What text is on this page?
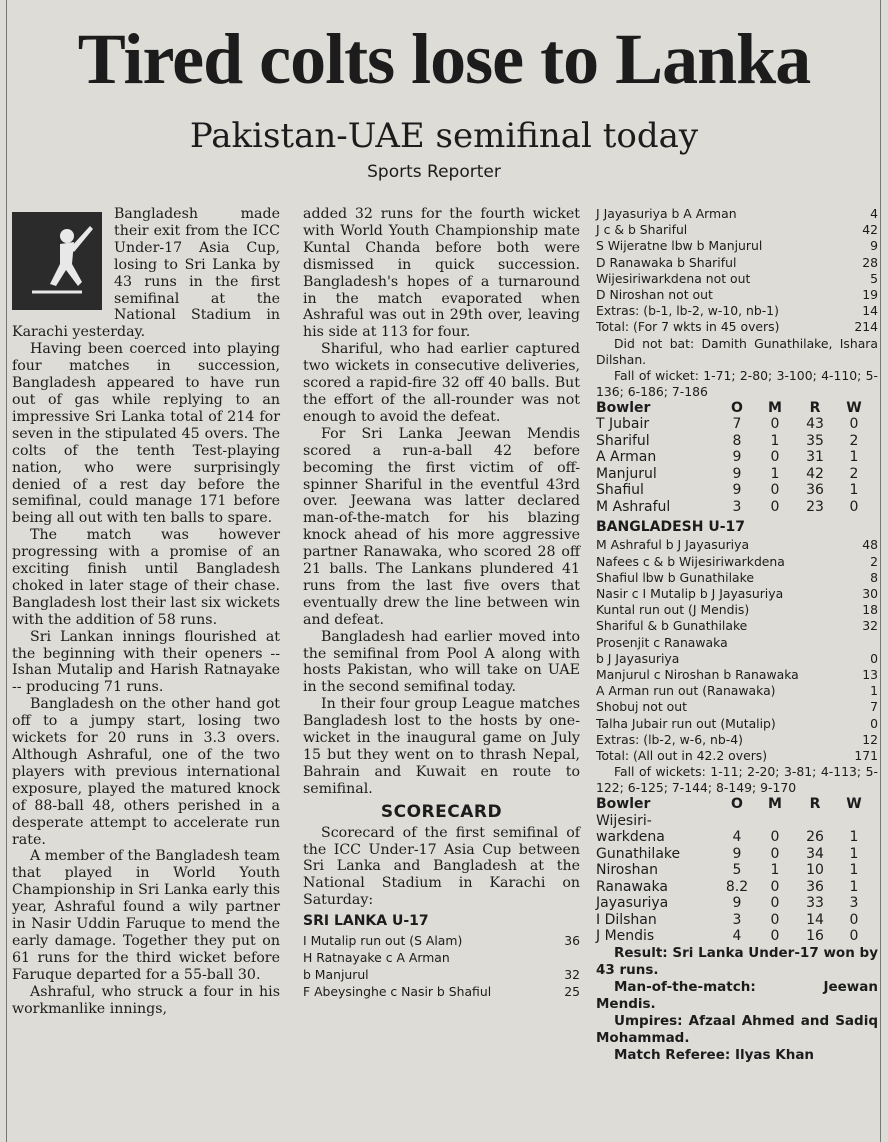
Tired colts lose to Lanka
Pakistan-UAE semifinal today
Sports Reporter

Bangladesh made their exit from the ICC Under-17 Asia Cup, losing to Sri Lanka by 43 runs in the first semifinal at the National Stadium in Karachi yesterday.

Having been coerced into playing four matches in succession, Bangladesh appeared to have run out of gas while replying to an impressive Sri Lanka total of 214 for seven in the stipulated 45 overs. The colts of the tenth Test-playing nation, who were surprisingly denied of a rest day before the semifinal, could manage 171 before being all out with ten balls to spare.

The match was however progressing with a promise of an exciting finish until Bangladesh choked in later stage of their chase. Bangladesh lost their last six wickets with the addition of 58 runs.

Sri Lankan innings flourished at the beginning with their openers -- Ishan Mutalip and Harish Ratnayake -- producing 71 runs.

Bangladesh on the other hand got off to a jumpy start, losing two wickets for 20 runs in 3.3 overs. Although Ashraful, one of the two players with previous international exposure, played the matured knock of 88-ball 48, others perished in a desperate attempt to accelerate run rate.

A member of the Bangladesh team that played in World Youth Championship in Sri Lanka early this year, Ashraful found a wily partner in Nasir Uddin Faruque to mend the early damage. Together they put on 61 runs for the third wicket before Faruque departed for a 55-ball 30.

Ashraful, who struck a four in his workmanlike innings,

added 32 runs for the fourth wicket with World Youth Championship mate Kuntal Chanda before both were dismissed in quick succession. Bangladesh's hopes of a turnaround in the match evaporated when Ashraful was out in 29th over, leaving his side at 113 for four.

Shariful, who had earlier captured two wickets in consecutive deliveries, scored a rapid-fire 32 off 40 balls. But the effort of the all-rounder was not enough to avoid the defeat.

For Sri Lanka Jeewan Mendis scored a run-a-ball 42 before becoming the first victim of off-spinner Shariful in the eventful 43rd over. Jeewana was latter declared man-of-the-match for his blazing knock ahead of his more aggressive partner Ranawaka, who scored 28 off 21 balls. The Lankans plundered 41 runs from the last five overs that eventually drew the line between win and defeat.

Bangladesh had earlier moved into the semifinal from Pool A along with hosts Pakistan, who will take on UAE in the second semifinal today.

In their four group League matches Bangladesh lost to the hosts by one-wicket in the inaugural game on July 15 but they went on to thrash Nepal, Bahrain and Kuwait en route to semifinal.

SCORECARD

Scorecard of the first semifinal of the ICC Under-17 Asia Cup between Sri Lanka and Bangladesh at the National Stadium in Karachi on Saturday:

SRI LANKA U-17
I Mutalip run out (S Alam)	36
H Ratnayake c A Arman
b Manjurul	32
F Abeysinghe c Nasir b Shafiul	25
J Jayasuriya b A Arman	4
J c & b Shariful	42
S Wijeratne lbw b Manjurul	9
D Ranawaka b Shariful	28
Wijesiriwarkdena not out	5
D Niroshan not out	19
Extras: (b-1, lb-2, w-10, nb-1)	14
Total: (For 7 wkts in 45 overs)	214

Did not bat: Damith Gunathilake, Ishara Dilshan.

Fall of wicket: 1-71; 2-80; 3-100; 4-110; 5-136; 6-186; 7-186

Bowler	O	M	R	W
T Jubair	7	0	43	0
Shariful	8	1	35	2
A Arman	9	0	31	1
Manjurul	9	1	42	2
Shafiul	9	0	36	1
M Ashraful	3	0	23	0
BANGLADESH U-17
M Ashraful b J Jayasuriya	48
Nafees c & b Wijesiriwarkdena	2
Shafiul lbw b Gunathilake	8
Nasir c I Mutalip b J Jayasuriya	30
Kuntal run out (J Mendis)	18
Shariful & b Gunathilake	32
Prosenjit c Ranawaka
b J Jayasuriya	0
Manjurul c Niroshan b Ranawaka	13
A Arman run out (Ranawaka)	1
Shobuj not out	7
Talha Jubair run out (Mutalip)	0
Extras: (lb-2, w-6, nb-4)	12
Total: (All out in 42.2 overs)	171

Fall of wickets: 1-11; 2-20; 3-81; 4-113; 5-122; 6-125; 7-144; 8-149; 9-170

Bowler	O	M	R	W
Wijesiri-
warkdena	4	0	26	1
Gunathilake	9	0	34	1
Niroshan	5	1	10	1
Ranawaka	8.2	0	36	1
Jayasuriya	9	0	33	3
I Dilshan	3	0	14	0
J Mendis	4	0	16	0

Result: Sri Lanka Under-17 won by 43 runs.

Man-of-the-match: Jeewan Mendis.

Umpires: Afzaal Ahmed and Sadiq Mohammad.

Match Referee: Ilyas Khan
